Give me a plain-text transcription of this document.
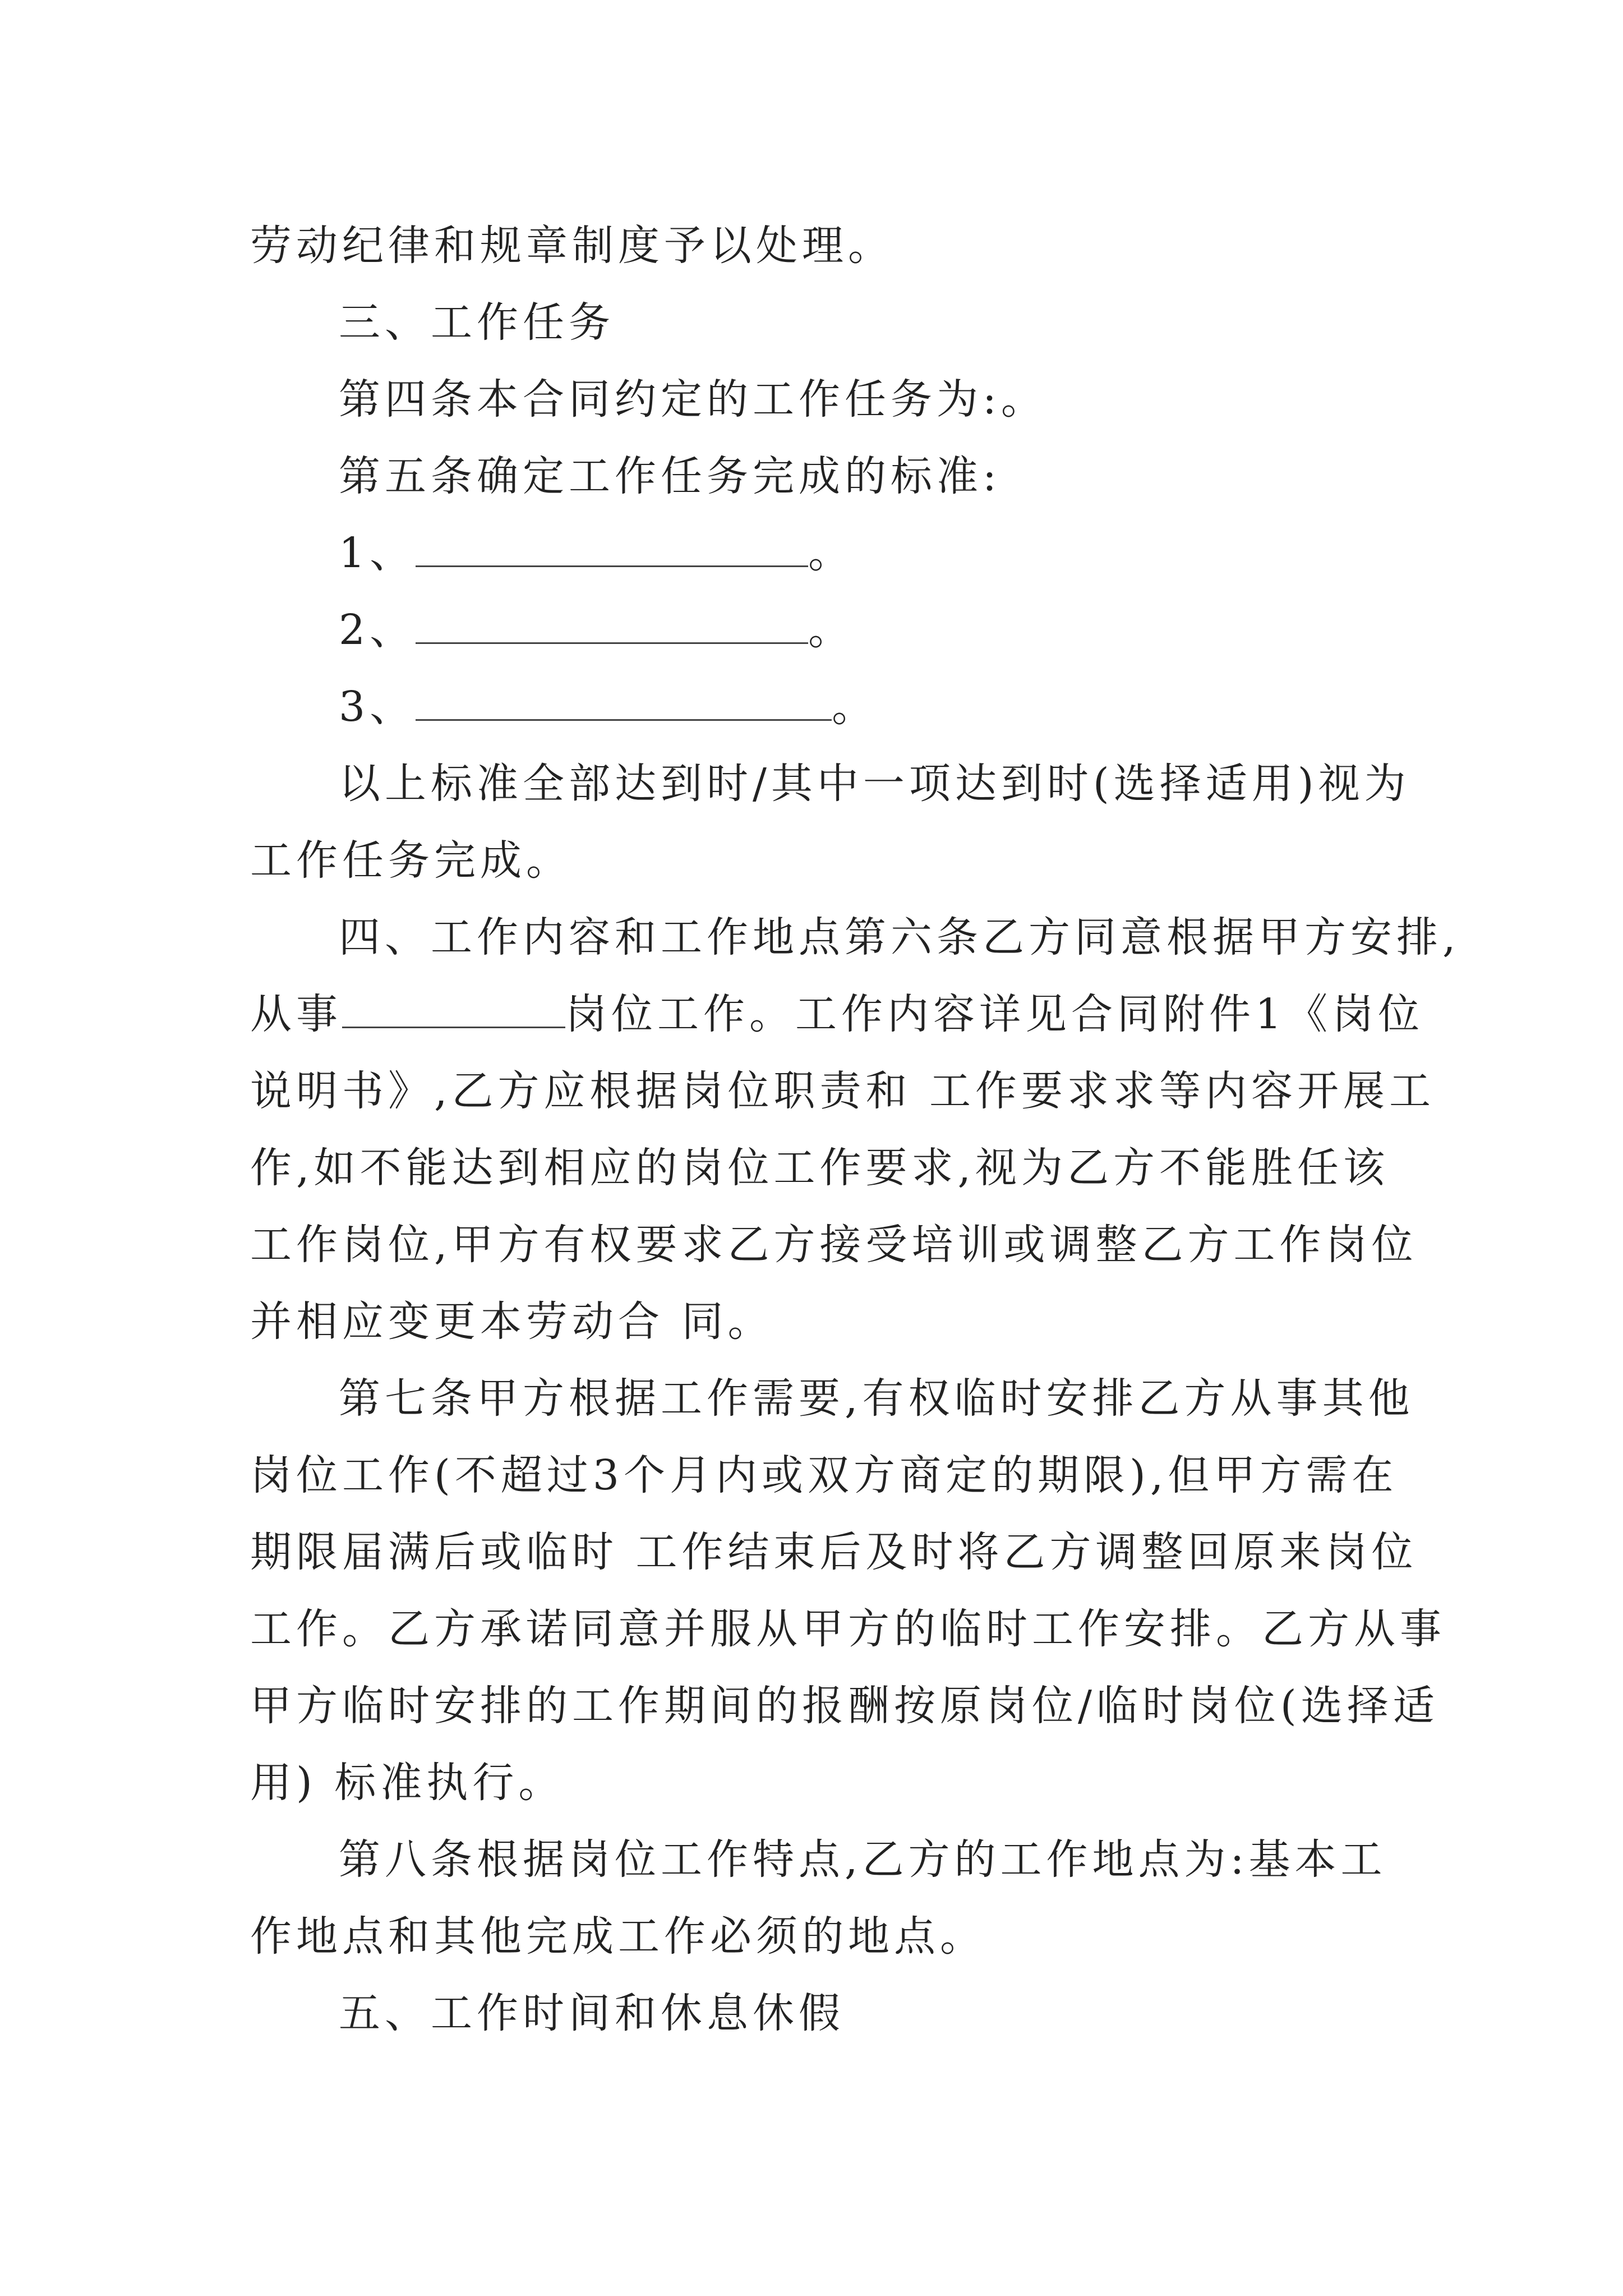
劳动纪律和规章制度予以处理。
三、工作任务
第四条本合同约定的工作任务为:。
第五条确定工作任务完成的标准:
1、	。
2、	。
3、	。
以上标准全部达到时/其中一项达到时(选择适用)视为
工作任务完成。
四、工作内容和工作地点第六条乙方同意根据甲方安排,
从事	岗位工作。工作内容详见合同附件1《岗位
说明书》,乙方应根据岗位职责和 工作要求求等内容开展工
作,如不能达到相应的岗位工作要求,视为乙方不能胜任该
工作岗位,甲方有权要求乙方接受培训或调整乙方工作岗位
并相应变更本劳动合 同。
第七条甲方根据工作需要,有权临时安排乙方从事其他
岗位工作(不超过3个月内或双方商定的期限),但甲方需在
期限届满后或临时 工作结束后及时将乙方调整回原来岗位
工作。乙方承诺同意并服从甲方的临时工作安排。乙方从事
甲方临时安排的工作期间的报酬按原岗位/临时岗位(选择适
用) 标准执行。
第八条根据岗位工作特点,乙方的工作地点为:基本工
作地点和其他完成工作必须的地点。
五、工作时间和休息休假
